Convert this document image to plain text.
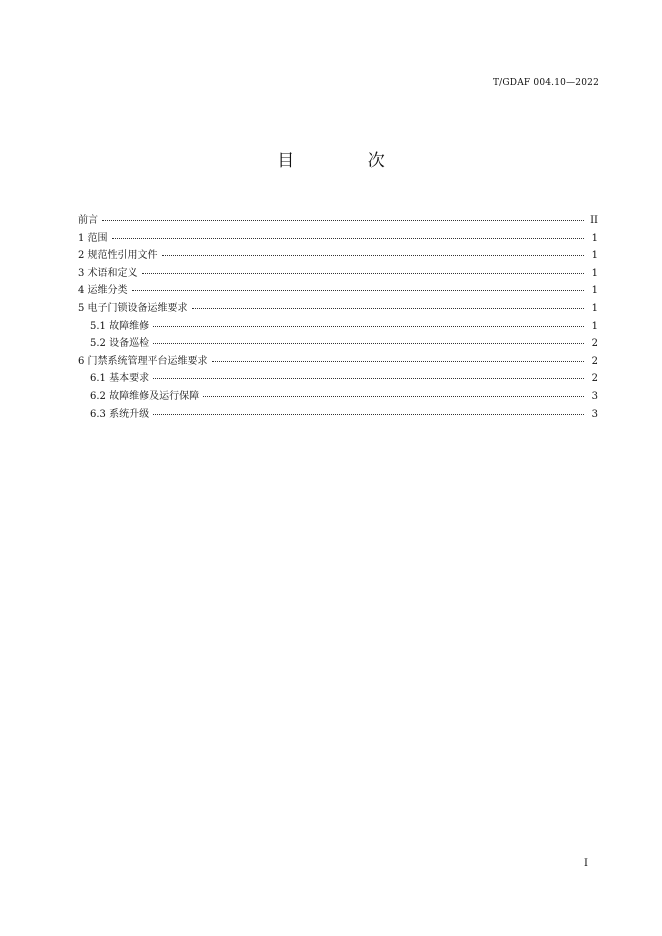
T/GDAF 004.10—2022
目 次
前言	II
1 范围	1
2 规范性引用文件	1
3 术语和定义	1
4 运维分类	1
5 电子门锁设备运维要求	1
5.1 故障维修	1
5.2 设备巡检	2
6 门禁系统管理平台运维要求	2
6.1 基本要求	2
6.2 故障维修及运行保障	3
6.3 系统升级	3
I
